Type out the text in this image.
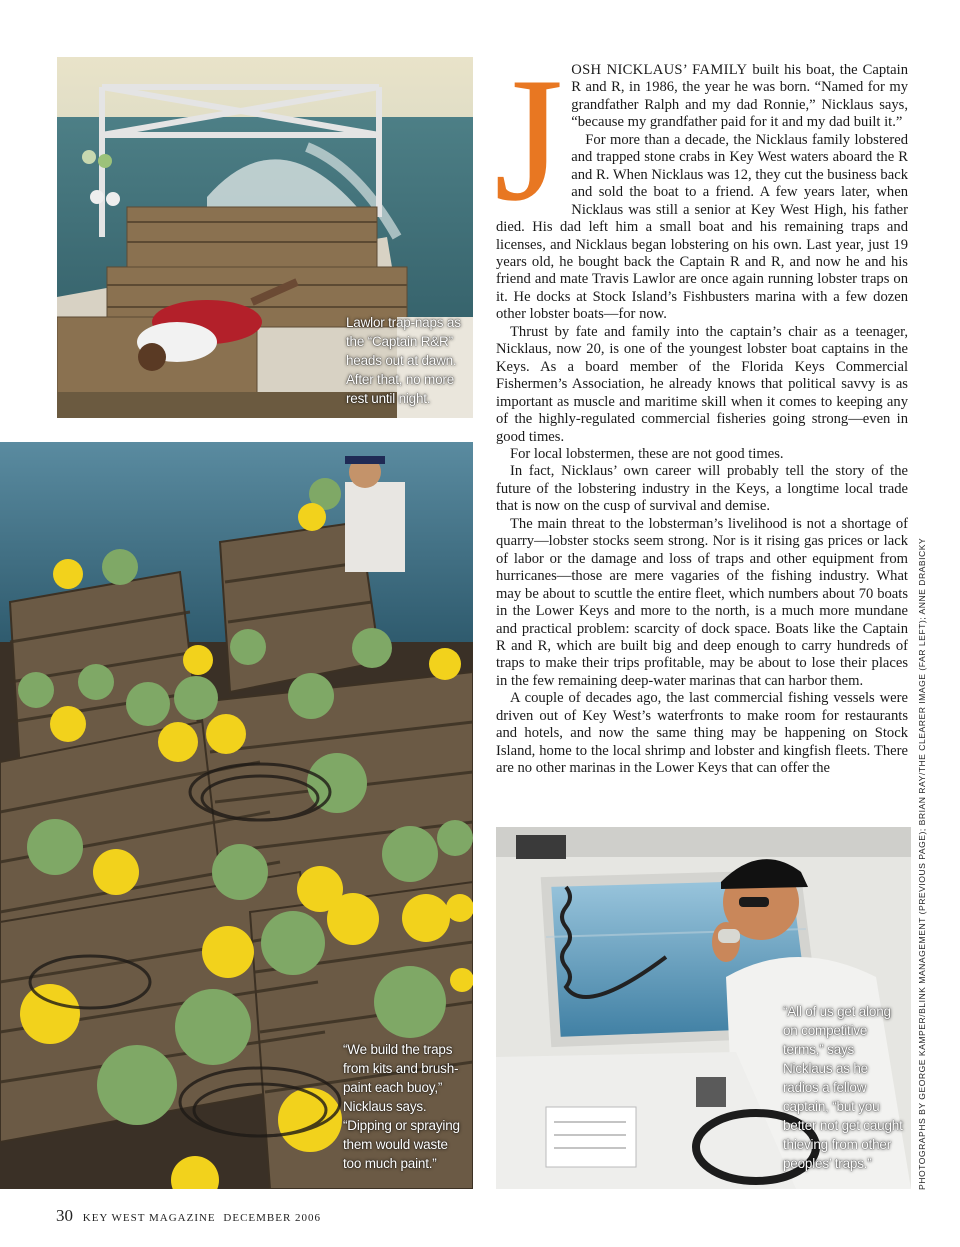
Lawlor trap-naps as the “Captain R&R” heads out at dawn. After that, no more rest until night.
“We build the traps from kits and brush-paint each buoy,” Nicklaus says. “Dipping or spraying them would waste too much paint.”

JOSH NICKLAUS’ FAMILY built his boat, the Captain R and R, in 1986, the year he was born. “Named for my grandfather Ralph and my dad Ronnie,” Nicklaus says, “because my grandfather paid for it and my dad built it.”

For more than a decade, the Nicklaus family lobstered and trapped stone crabs in Key West waters aboard the R and R. When Nicklaus was 12, they cut the business back and sold the boat to a friend. A few years later, when Nicklaus was still a senior at Key West High, his father died. His dad left him a small boat and his remaining traps and licenses, and Nicklaus began lobstering on his own. Last year, just 19 years old, he bought back the Captain R and R, and now he and his friend and mate Travis Lawlor are once again running lobster traps on it. He docks at Stock Island’s Fishbusters marina with a few dozen other lobster boats—for now.

Thrust by fate and family into the captain’s chair as a teenager, Nicklaus, now 20, is one of the youngest lobster boat captains in the Keys. As a board member of the Florida Keys Commercial Fishermen’s Association, he already knows that political savvy is as important as muscle and maritime skill when it comes to keeping any of the highly-regulated commercial fisheries going strong—even in good times.

For local lobstermen, these are not good times.

In fact, Nicklaus’ own career will probably tell the story of the future of the lobstering industry in the Keys, a longtime local trade that is now on the cusp of survival and demise.

The main threat to the lobsterman’s livelihood is not a shortage of quarry—lobster stocks seem strong. Nor is it rising gas prices or lack of labor or the damage and loss of traps and other equipment from hurricanes—those are mere vagaries of the fishing industry. What may be about to scuttle the entire fleet, which numbers about 70 boats in the Lower Keys and more to the north, is a much more mundane and practical problem: scarcity of dock space. Boats like the Captain R and R, which are built big and deep enough to carry hundreds of traps to make their trips profitable, may be about to lose their places in the few remaining deep-water marinas that can harbor them.

A couple of decades ago, the last commercial fishing vessels were driven out of Key West’s waterfronts to make room for restaurants and hotels, and now the same thing may be happening on Stock Island, home to the local shrimp and lobster and kingfish fleets. There are no other marinas in the Lower Keys that can offer the

“All of us get along on competitive terms,” says Nicklaus as he radios a fellow captain, “but you better not get caught thieving from other peoples’ traps.”	PHOTOGRAPHS BY GEORGE KAMPER/BLINK MANAGEMENT (PREVIOUS PAGE); BRIAN RAY/THE CLEARER IMAGE (FAR LEFT); ANNE DRABICKY
30 KEY WEST MAGAZINE DECEMBER 2006
